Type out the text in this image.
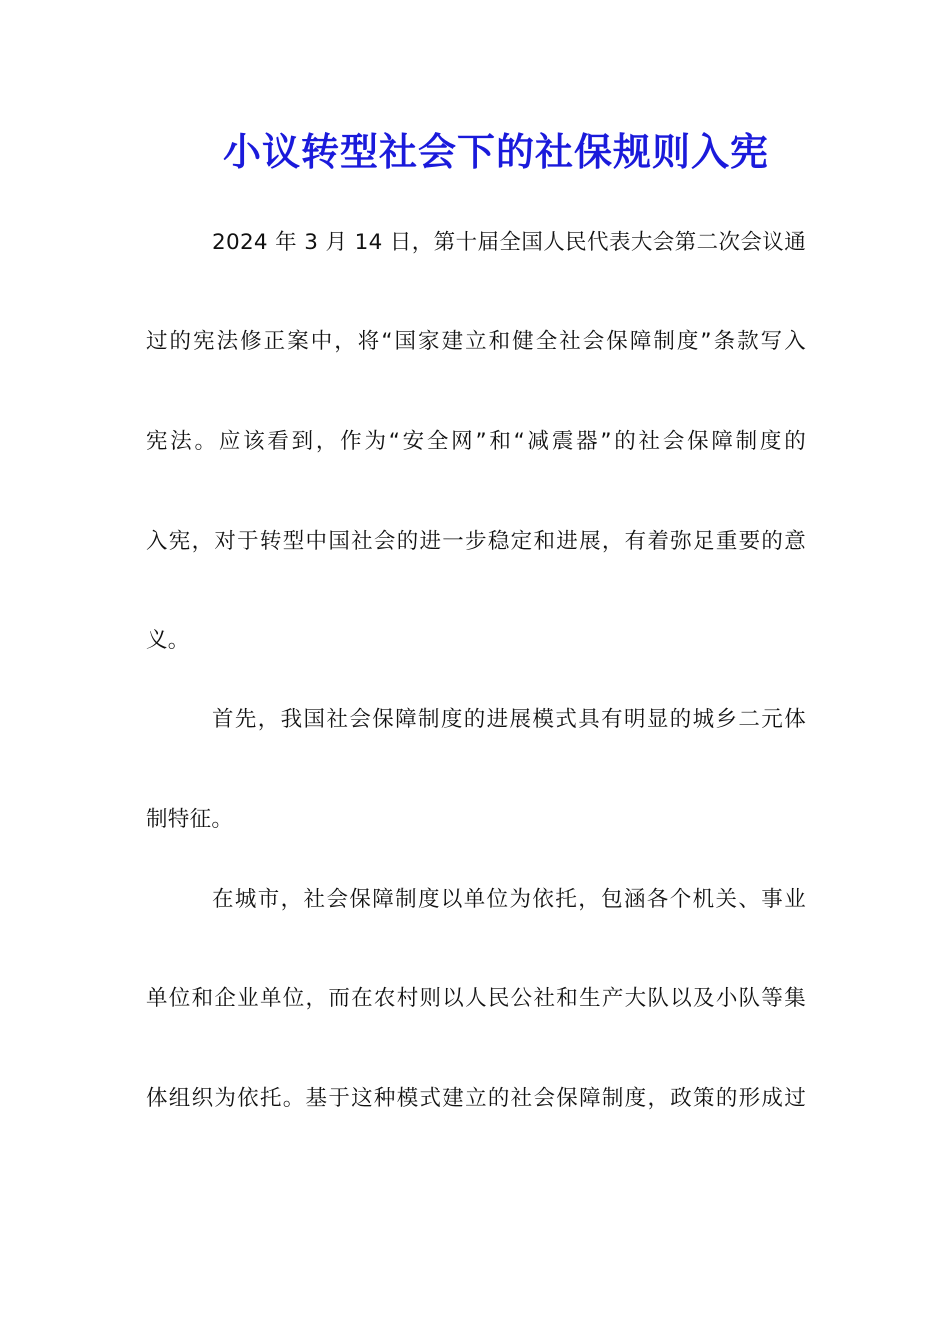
小议转型社会下的社保规则入宪

2024 年 3 月 14 日，第十届全国人民代表大会第二次会议通

过的宪法修正案中，将“国家建立和健全社会保障制度”条款写入

宪法。应该看到，作为“安全网”和“减震器”的社会保障制度的

入宪，对于转型中国社会的进一步稳定和进展，有着弥足重要的意

义。

首先，我国社会保障制度的进展模式具有明显的城乡二元体

制特征。

在城市，社会保障制度以单位为依托，包涵各个机关、事业

单位和企业单位，而在农村则以人民公社和生产大队以及小队等集

体组织为依托。基于这种模式建立的社会保障制度，政策的形成过
